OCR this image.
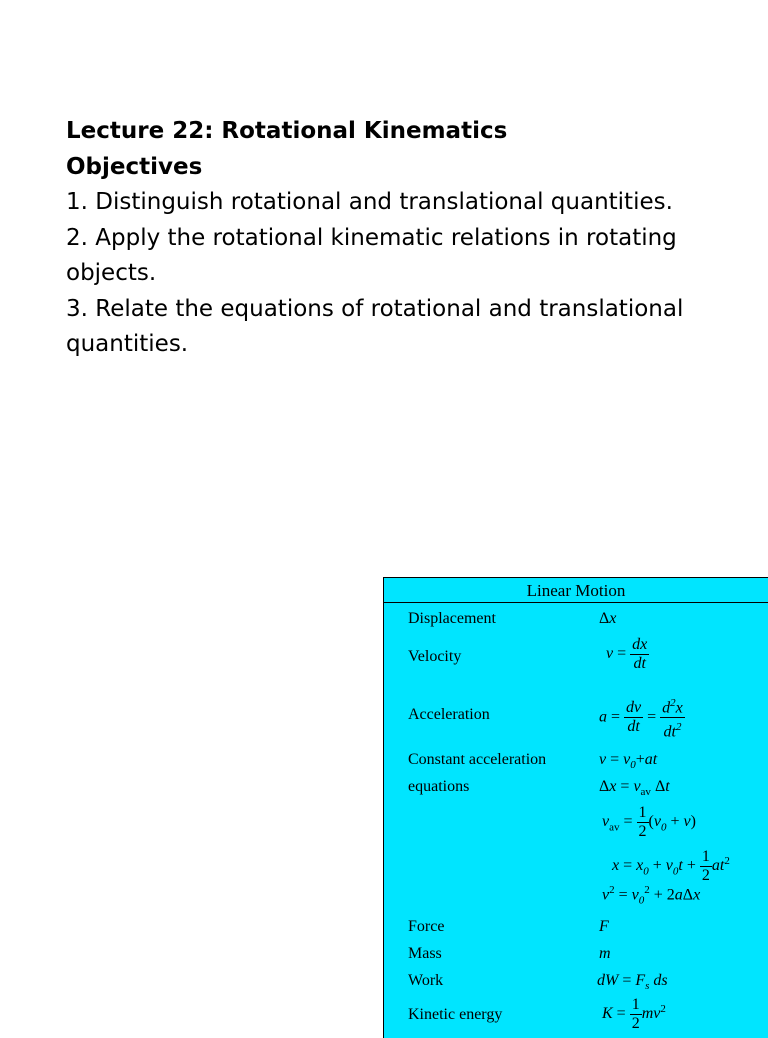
Lecture 22: Rotational Kinematics
Objectives
1. Distinguish rotational and translational quantities.
2. Apply the rotational kinematic relations in rotating
objects.
3. Relate the equations of rotational and translational
quantities.
Linear Motion
Displacement	Δx
Velocity	$v = \frac{dx}{dt}$
Acceleration	$a = \frac{dv}{dt} = \frac{d^2x}{dt^2}$
Constant acceleration
equations
$v = v_0+at$
$\Delta x = v_{av}$ Δt
$v_{av} = \frac{1}{2} (v_0 + v)$
$x = x_0 + v_0t + \frac{1}{2} at^2$
$v^2 = v_0^2 + 2a\Delta x$
Force	F
Mass	m
Work	dW = $F_s$ ds
Kinetic energy	$K = \frac{1}{2} mv^2$
